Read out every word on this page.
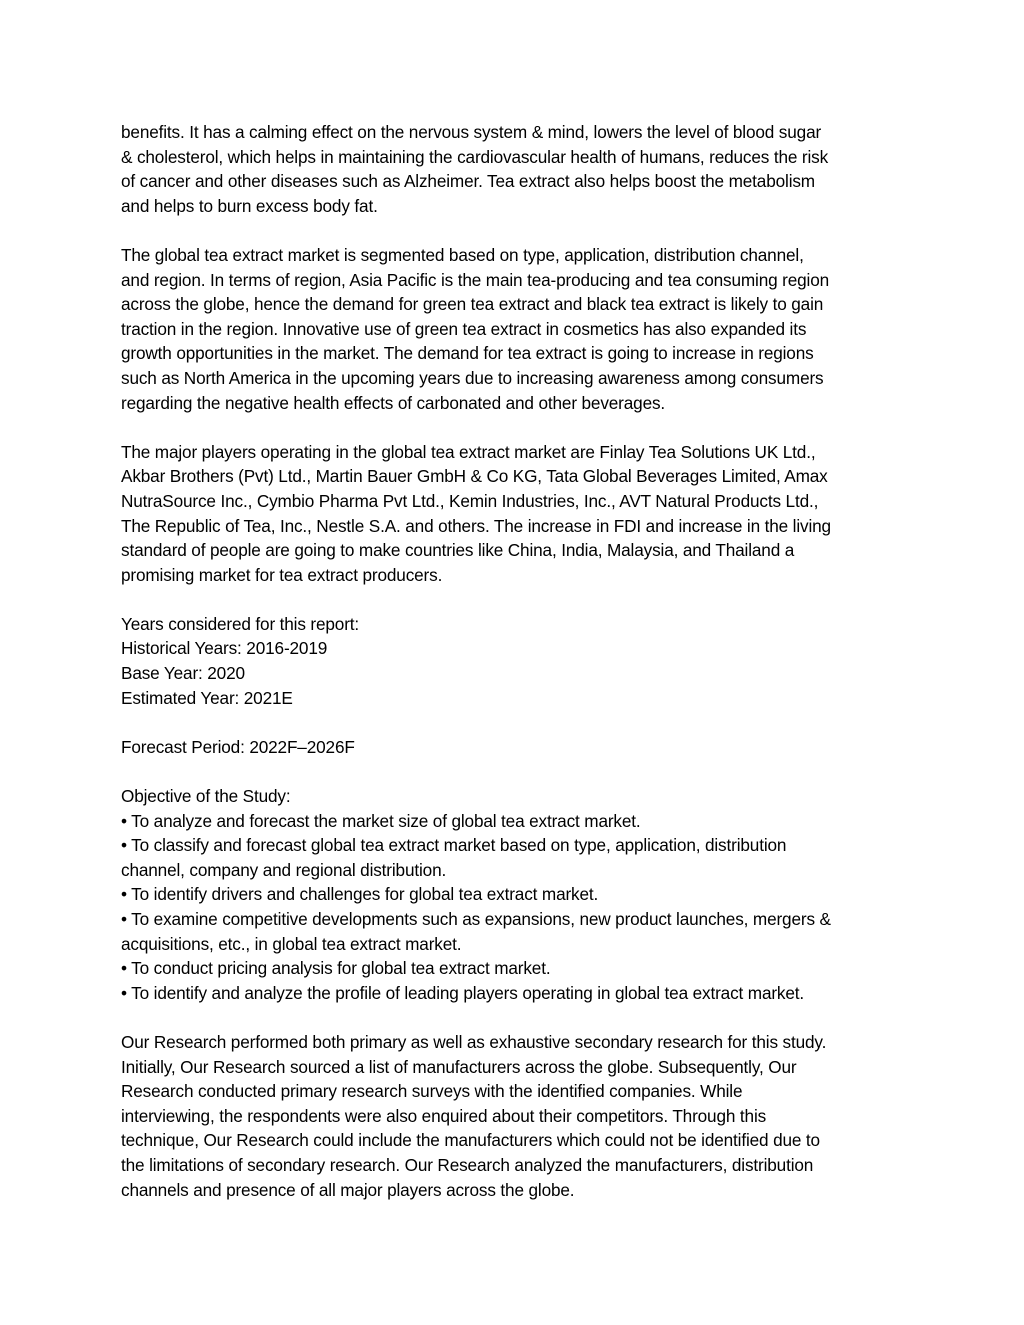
benefits. It has a calming effect on the nervous system & mind, lowers the level of blood sugar
& cholesterol, which helps in maintaining the cardiovascular health of humans, reduces the risk
of cancer and other diseases such as Alzheimer. Tea extract also helps boost the metabolism
and helps to burn excess body fat.

The global tea extract market is segmented based on type, application, distribution channel,
and region. In terms of region, Asia Pacific is the main tea-producing and tea consuming region
across the globe, hence the demand for green tea extract and black tea extract is likely to gain
traction in the region. Innovative use of green tea extract in cosmetics has also expanded its
growth opportunities in the market. The demand for tea extract is going to increase in regions
such as North America in the upcoming years due to increasing awareness among consumers
regarding the negative health effects of carbonated and other beverages.

The major players operating in the global tea extract market are Finlay Tea Solutions UK Ltd.,
Akbar Brothers (Pvt) Ltd., Martin Bauer GmbH & Co KG, Tata Global Beverages Limited, Amax
NutraSource Inc., Cymbio Pharma Pvt Ltd., Kemin Industries, Inc., AVT Natural Products Ltd.,
The Republic of Tea, Inc., Nestle S.A. and others. The increase in FDI and increase in the living
standard of people are going to make countries like China, India, Malaysia, and Thailand a
promising market for tea extract producers.

Years considered for this report:
Historical Years: 2016-2019
Base Year: 2020
Estimated Year: 2021E

Forecast Period: 2022F–2026F

Objective of the Study:
• To analyze and forecast the market size of global tea extract market.
• To classify and forecast global tea extract market based on type, application, distribution
channel, company and regional distribution.
• To identify drivers and challenges for global tea extract market.
• To examine competitive developments such as expansions, new product launches, mergers &
acquisitions, etc., in global tea extract market.
• To conduct pricing analysis for global tea extract market.
• To identify and analyze the profile of leading players operating in global tea extract market.

Our Research performed both primary as well as exhaustive secondary research for this study.
Initially, Our Research sourced a list of manufacturers across the globe. Subsequently, Our
Research conducted primary research surveys with the identified companies. While
interviewing, the respondents were also enquired about their competitors. Through this
technique, Our Research could include the manufacturers which could not be identified due to
the limitations of secondary research. Our Research analyzed the manufacturers, distribution
channels and presence of all major players across the globe.
